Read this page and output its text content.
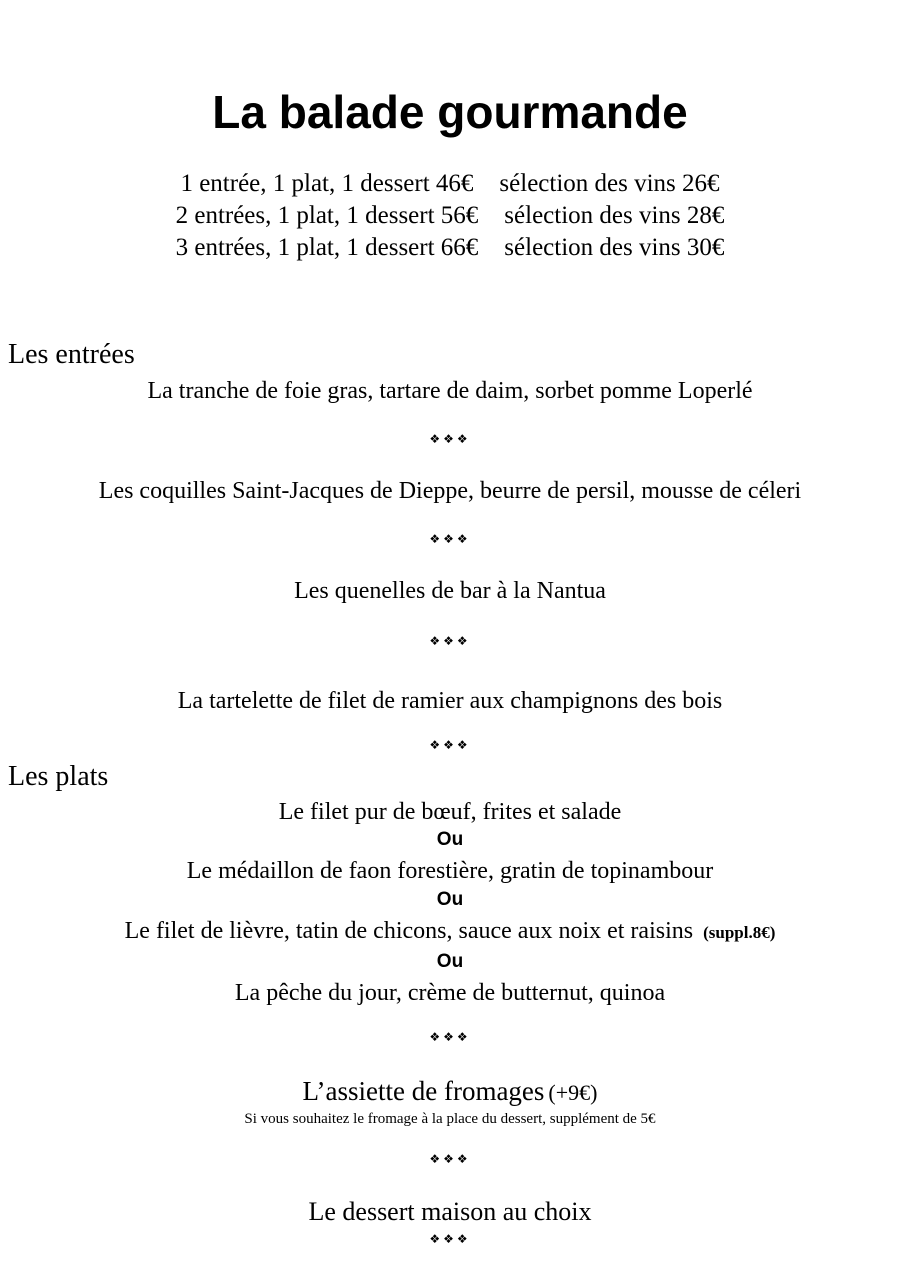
La balade gourmande
1 entrée, 1 plat, 1 dessert 46€ sélection des vins 26€
2 entrées, 1 plat, 1 dessert 56€ sélection des vins 28€
3 entrées, 1 plat, 1 dessert 66€ sélection des vins 30€
Les entrées
La tranche de foie gras, tartare de daim, sorbet pomme Loperlé
❖❖❖
Les coquilles Saint-Jacques de Dieppe, beurre de persil, mousse de céleri
❖❖❖
Les quenelles de bar à la Nantua
❖❖❖
La tartelette de filet de ramier aux champignons des bois
❖❖❖
Les plats
Le filet pur de bœuf, frites et salade
Ou
Le médaillon de faon forestière, gratin de topinambour
Ou
Le filet de lièvre, tatin de chicons, sauce aux noix et raisins (suppl.8€)
Ou
La pêche du jour, crème de butternut, quinoa
❖❖❖
L’assiette de fromages (+9€)
Si vous souhaitez le fromage à la place du dessert, supplément de 5€
❖❖❖
Le dessert maison au choix
❖❖❖
